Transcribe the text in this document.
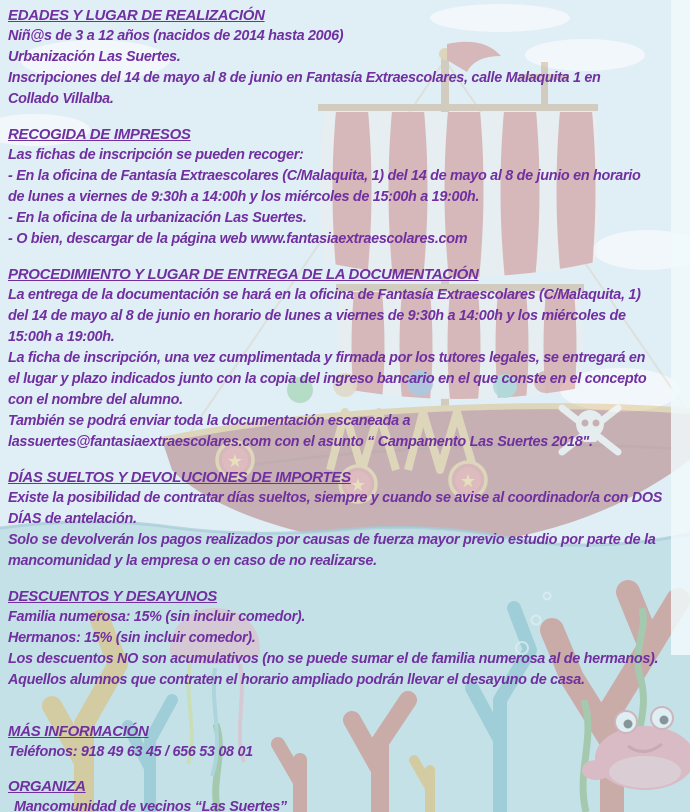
★
★	★
EDADES Y LUGAR DE REALIZACIÓN
Niñ@s de 3 a 12 años (nacidos de 2014 hasta 2006)
Urbanización Las Suertes.
Inscripciones del 14 de mayo al 8 de junio en Fantasía Extraescolares, calle Malaquita 1 en
Collado Villalba.
RECOGIDA DE IMPRESOS
Las fichas de inscripción se pueden recoger:
- En la oficina de Fantasía Extraescolares (C/Malaquita, 1) del 14 de mayo al 8 de junio en horario
de lunes a viernes de 9:30h a 14:00h y los miércoles de 15:00h a 19:00h.
- En la oficina de la urbanización Las Suertes.
- O bien, descargar de la página web www.fantasiaextraescolares.com
PROCEDIMIENTO Y LUGAR DE ENTREGA DE LA DOCUMENTACIÓN
La entrega de la documentación se hará en la oficina de Fantasía Extraescolares (C/Malaquita, 1)
del 14 de mayo al 8 de junio en horario de lunes a viernes de 9:30h a 14:00h y los miércoles de
15:00h a 19:00h.
La ficha de inscripción, una vez cumplimentada y firmada por los tutores legales, se entregará en
el lugar y plazo indicados junto con la copia del ingreso bancario en el que conste en el concepto
con el nombre del alumno.
También se podrá enviar toda la documentación escaneada a
lassuertes@fantasiaextraescolares.com con el asunto “ Campamento Las Suertes 2018".
DÍAS SUELTOS Y DEVOLUCIONES DE IMPORTES
Existe la posibilidad de contratar días sueltos, siempre y cuando se avise al coordinador/a con DOS
DÍAS de antelación.
Solo se devolverán los pagos realizados por causas de fuerza mayor previo estudio por parte de la
mancomunidad y la empresa o en caso de no realizarse.
DESCUENTOS Y DESAYUNOS
Familia numerosa: 15% (sin incluir comedor).
Hermanos: 15% (sin incluir comedor).
Los descuentos NO son acumulativos (no se puede sumar el de familia numerosa al de hermanos).
Aquellos alumnos que contraten el horario ampliado podrán llevar el desayuno de casa.
MÁS INFORMACIÓN
Teléfonos: 918 49 63 45 / 656 53 08 01
ORGANIZA
Mancomunidad de vecinos “Las Suertes”
